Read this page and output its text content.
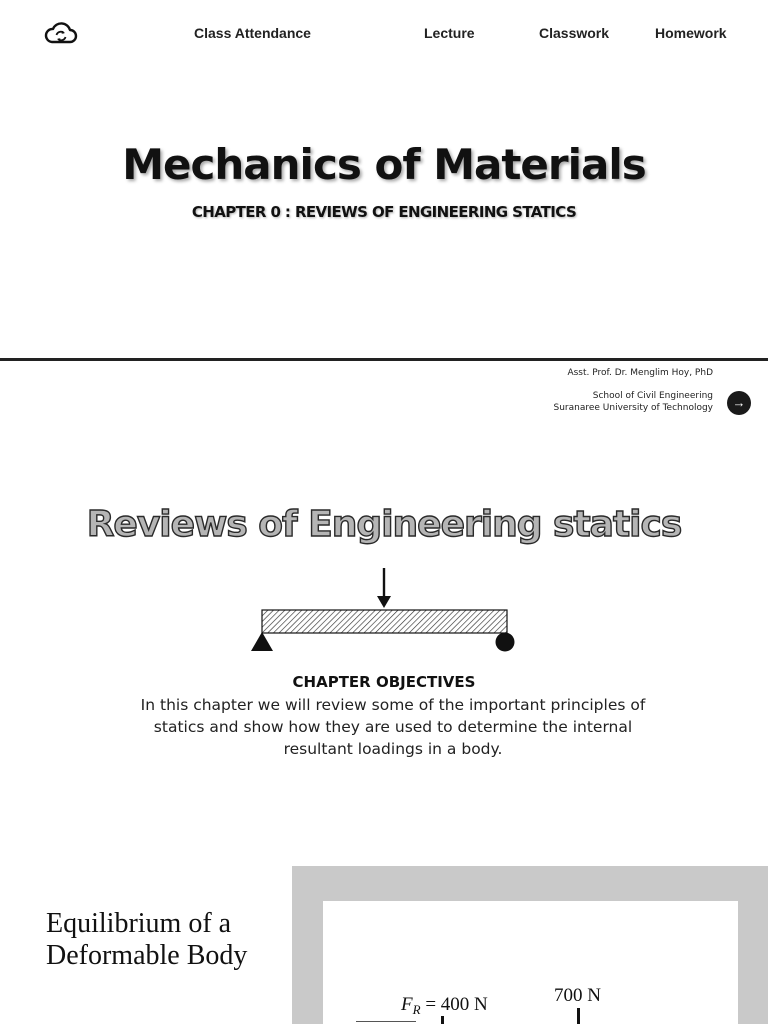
Class Attendance	Lecture	Classwork	Homework
Mechanics of Materials
CHAPTER 0 : REVIEWS OF ENGINEERING STATICS
Asst. Prof. Dr. Menglim Hoy, PhD
School of Civil Engineering
Suranaree University of Technology	→
Reviews of Engineering statics
CHAPTER OBJECTIVES
In this chapter we will review some of the important principles of statics and show how they are used to determine the internal resultant loadings in a body.
Equilibrium of a Deformable Body
$F_R = 400$ N	700 N
